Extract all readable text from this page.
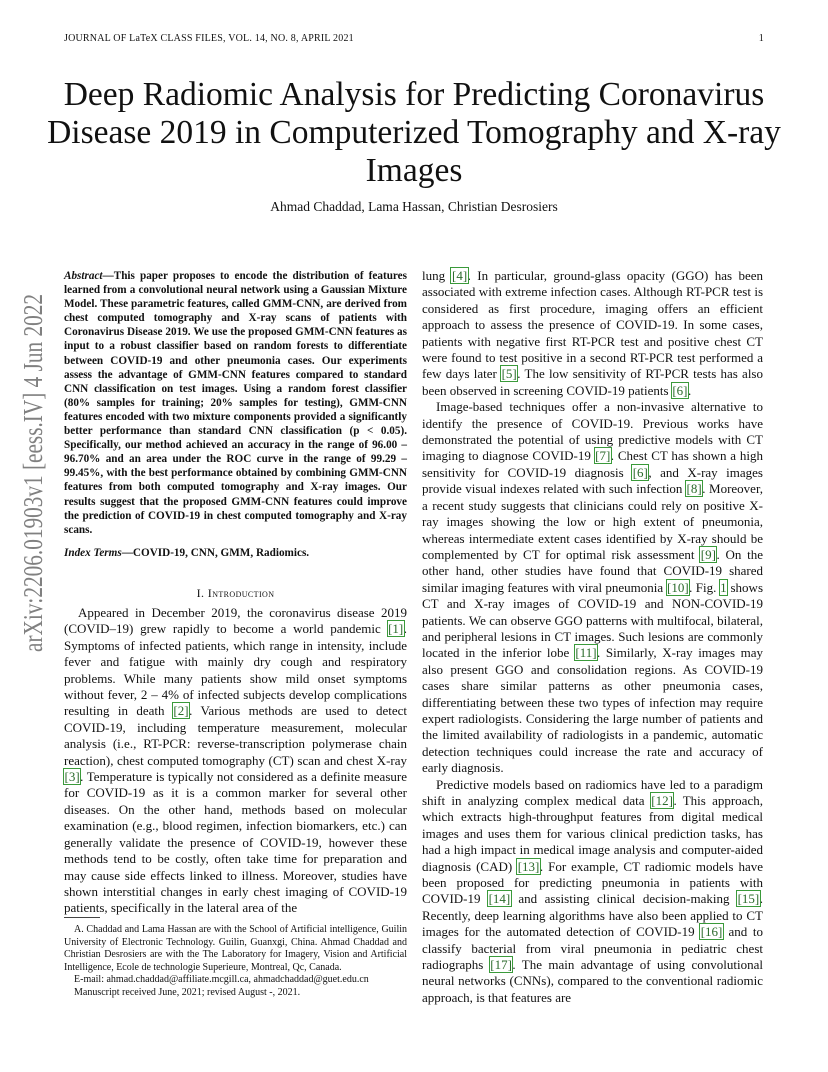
JOURNAL OF LaTeX CLASS FILES, VOL. 14, NO. 8, APRIL 2021	1
arXiv:2206.01903v1 [eess.IV] 4 Jun 2022
Deep Radiomic Analysis for Predicting Coronavirus Disease 2019 in Computerized Tomography and X-ray Images
Ahmad Chaddad, Lama Hassan, Christian Desrosiers
Abstract—This paper proposes to encode the distribution of features learned from a convolutional neural network using a Gaussian Mixture Model. These parametric features, called GMM-CNN, are derived from chest computed tomography and X-ray scans of patients with Coronavirus Disease 2019. We use the proposed GMM-CNN features as input to a robust classifier based on random forests to differentiate between COVID-19 and other pneumonia cases. Our experiments assess the advantage of GMM-CNN features compared to standard CNN classification on test images. Using a random forest classifier (80% samples for training; 20% samples for testing), GMM-CNN features encoded with two mixture components provided a significantly better performance than standard CNN classification (p < 0.05). Specifically, our method achieved an accuracy in the range of 96.00 – 96.70% and an area under the ROC curve in the range of 99.29 – 99.45%, with the best performance obtained by combining GMM-CNN features from both computed tomography and X-ray images. Our results suggest that the proposed GMM-CNN features could improve the prediction of COVID-19 in chest computed tomography and X-ray scans.
Index Terms—COVID-19, CNN, GMM, Radiomics.
I. Introduction

Appeared in December 2019, the coronavirus disease 2019 (COVID–19) grew rapidly to become a world pandemic [1]. Symptoms of infected patients, which range in intensity, include fever and fatigue with mainly dry cough and respiratory problems. While many patients show mild onset symptoms without fever, 2 – 4% of infected subjects develop complications resulting in death [2]. Various methods are used to detect COVID-19, including temperature measurement, molecular analysis (i.e., RT-PCR: reverse-transcription polymerase chain reaction), chest computed tomography (CT) scan and chest X-ray [3]. Temperature is typically not considered as a definite measure for COVID-19 as it is a common marker for several other diseases. On the other hand, methods based on molecular examination (e.g., blood regimen, infection biomarkers, etc.) can generally validate the presence of COVID-19, however these methods tend to be costly, often take time for preparation and may cause side effects linked to illness. Moreover, studies have shown interstitial changes in early chest imaging of COVID-19 patients, specifically in the lateral area of the

lung [4]. In particular, ground-glass opacity (GGO) has been associated with extreme infection cases. Although RT-PCR test is considered as first procedure, imaging offers an efficient approach to assess the presence of COVID-19. In some cases, patients with negative first RT-PCR test and positive chest CT were found to test positive in a second RT-PCR test performed a few days later [5]. The low sensitivity of RT-PCR tests has also been observed in screening COVID-19 patients [6].

Image-based techniques offer a non-invasive alternative to identify the presence of COVID-19. Previous works have demonstrated the potential of using predictive models with CT imaging to diagnose COVID-19 [7]. Chest CT has shown a high sensitivity for COVID-19 diagnosis [6], and X-ray images provide visual indexes related with such infection [8]. Moreover, a recent study suggests that clinicians could rely on positive X-ray images showing the low or high extent of pneumonia, whereas intermediate extent cases identified by X-ray should be complemented by CT for optimal risk assessment [9]. On the other hand, other studies have found that COVID-19 shared similar imaging features with viral pneumonia [10]. Fig. 1 shows CT and X-ray images of COVID-19 and NON-COVID-19 patients. We can observe GGO patterns with multifocal, bilateral, and peripheral lesions in CT images. Such lesions are commonly located in the inferior lobe [11]. Similarly, X-ray images may also present GGO and consolidation regions. As COVID-19 cases share similar patterns as other pneumonia cases, differentiating between these two types of infection may require expert radiologists. Considering the large number of patients and the limited availability of radiologists in a pandemic, automatic detection techniques could increase the rate and accuracy of early diagnosis.

Predictive models based on radiomics have led to a paradigm shift in analyzing complex medical data [12]. This approach, which extracts high-throughput features from digital medical images and uses them for various clinical prediction tasks, has had a high impact in medical image analysis and computer-aided diagnosis (CAD) [13]. For example, CT radiomic models have been proposed for predicting pneumonia in patients with COVID-19 [14] and assisting clinical decision-making [15]. Recently, deep learning algorithms have also been applied to CT images for the automated detection of COVID-19 [16] and to classify bacterial from viral pneumonia in pediatric chest radiographs [17]. The main advantage of using convolutional neural networks (CNNs), compared to the conventional radiomic approach, is that features are

A. Chaddad and Lama Hassan are with the School of Artificial intelligence, Guilin University of Electronic Technology. Guilin, Guanxgi, China. Ahmad Chaddad and Christian Desrosiers are with the The Laboratory for Imagery, Vision and Artificial Intelligence, Ecole de technologie Superieure, Montreal, Qc, Canada.

E-mail: ahmad.chaddad@affiliate.mcgill.ca, ahmadchaddad@guet.edu.cn

Manuscript received June, 2021; revised August -, 2021.
